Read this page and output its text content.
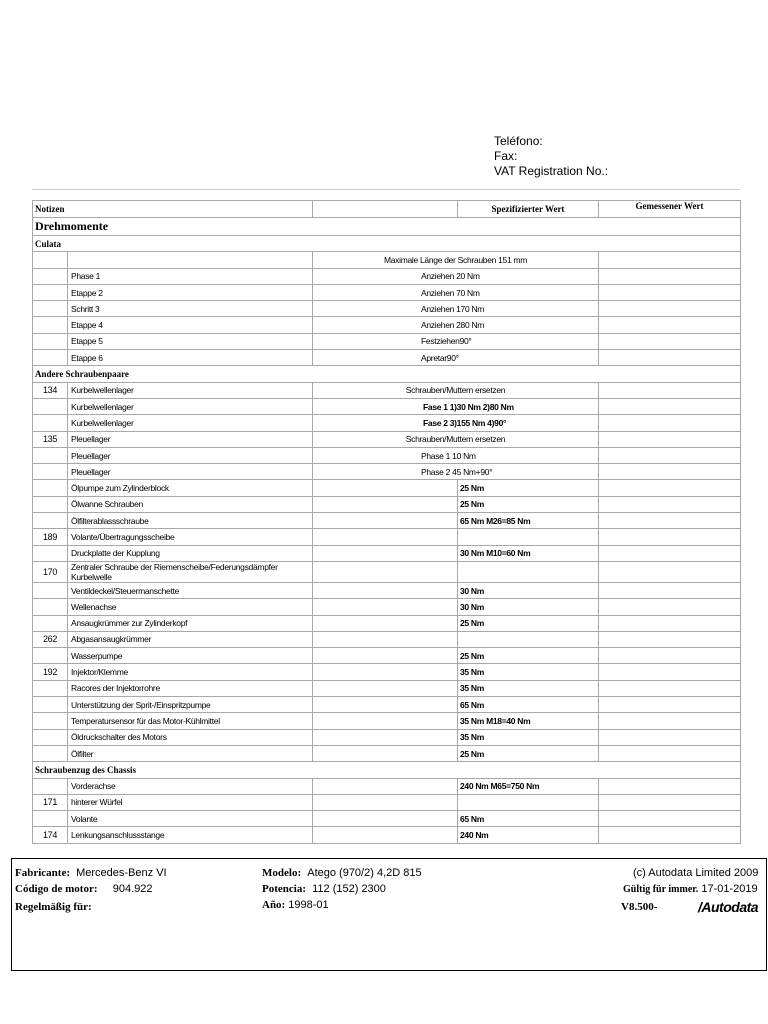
Teléfono:
Fax:
VAT Registration No.:
Notizen			Spezifizierter Wert	Gemessener Wert
Drehmomente				
Culata				
		Maximale Länge der Schrauben 151 mm		
	Phase 1	Anziehen 20 Nm		
	Etappe 2	Anziehen 70 Nm		
	Schritt 3	Anziehen 170 Nm		
	Etappe 4	Anziehen 280 Nm		
	Etappe 5	Festziehen90°		
	Etappe 6	Apretar90°		
Andere Schraubenpaare				
134	Kurbelwellenlager	Schrauben/Muttern ersetzen		
	Kurbelwellenlager	Fase 1 1)30 Nm 2)80 Nm		
	Kurbelwellenlager	Fase 2 3)155 Nm 4)90°		
135	Pleuellager	Schrauben/Muttern ersetzen		
	Pleuellager	Phase 1 10 Nm		
	Pleuellager	Phase 2 45 Nm+90°		
	Ölpumpe zum Zylinderblock		25 Nm	
	Ölwanne Schrauben		25 Nm	
	Ölfilterablassschraube		65 Nm M26=85 Nm	
189	Volante/Übertragungsscheibe			
	Druckplatte der Kupplung		30 Nm M10=60 Nm	
170	Zentraler Schraube der Riemenscheibe/Federungsdämpfer Kurbelwelle			
	Ventildeckel/Steuermanschette		30 Nm	
	Wellenachse		30 Nm	
	Ansaugkrümmer zur Zylinderkopf		25 Nm	
262	Abgasansaugkrümmer			
	Wasserpumpe		25 Nm	
192	Injektor/Klemme		35 Nm	
	Racores der Injektorrohre		35 Nm	
	Unterstützung der Sprit-/Einspritzpumpe		65 Nm	
	Temperatursensor für das Motor-Kühlmittel		35 Nm M18=40 Nm	
	Öldruckschalter des Motors		35 Nm	
	Ölfilter		25 Nm	
Schraubenzug des Chassis				
	Vorderachse		240 Nm M65=750 Nm	
171	hinterer Würfel			
	Volante		65 Nm	
174	Lenkungsanschlussstange		240 Nm	
Fabricante: Mercedes-Benz VI	Modelo: Atego (970/2) 4,2D 815	(c) Autodata Limited 2009
Código de motor: 904.922	Potencia: 112 (152) 2300	Gültig für immer. 17-01-2019
Regelmäßig für:	Año: 1998-01	V8.500-	/Autodata
